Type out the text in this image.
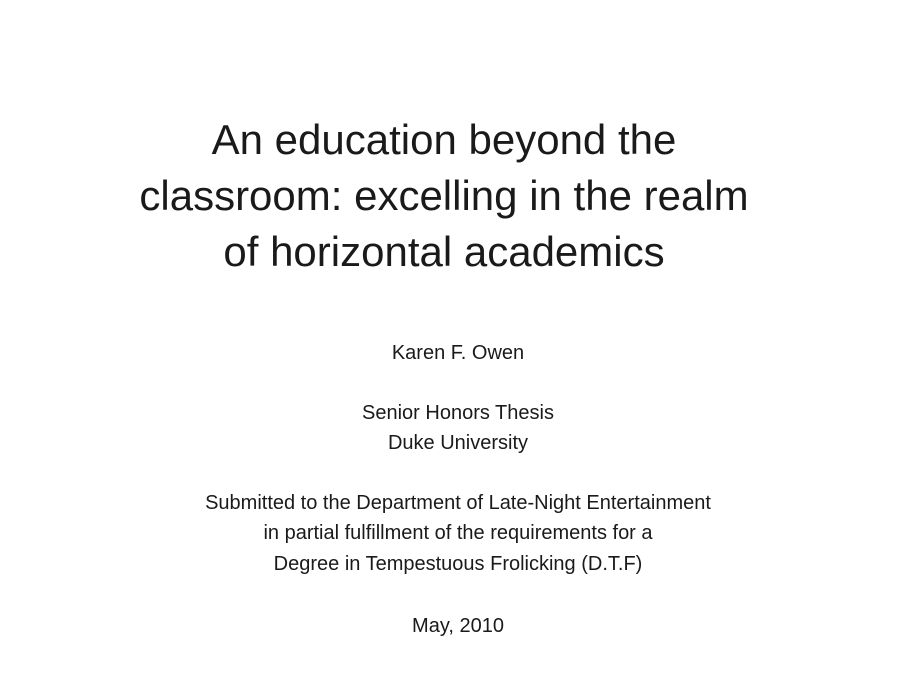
An education beyond the
classroom: excelling in the realm
of horizontal academics

Karen F. Owen

Senior Honors Thesis

Duke University

Submitted to the Department of Late-Night Entertainment

in partial fulfillment of the requirements for a

Degree in Tempestuous Frolicking (D.T.F)

May, 2010
